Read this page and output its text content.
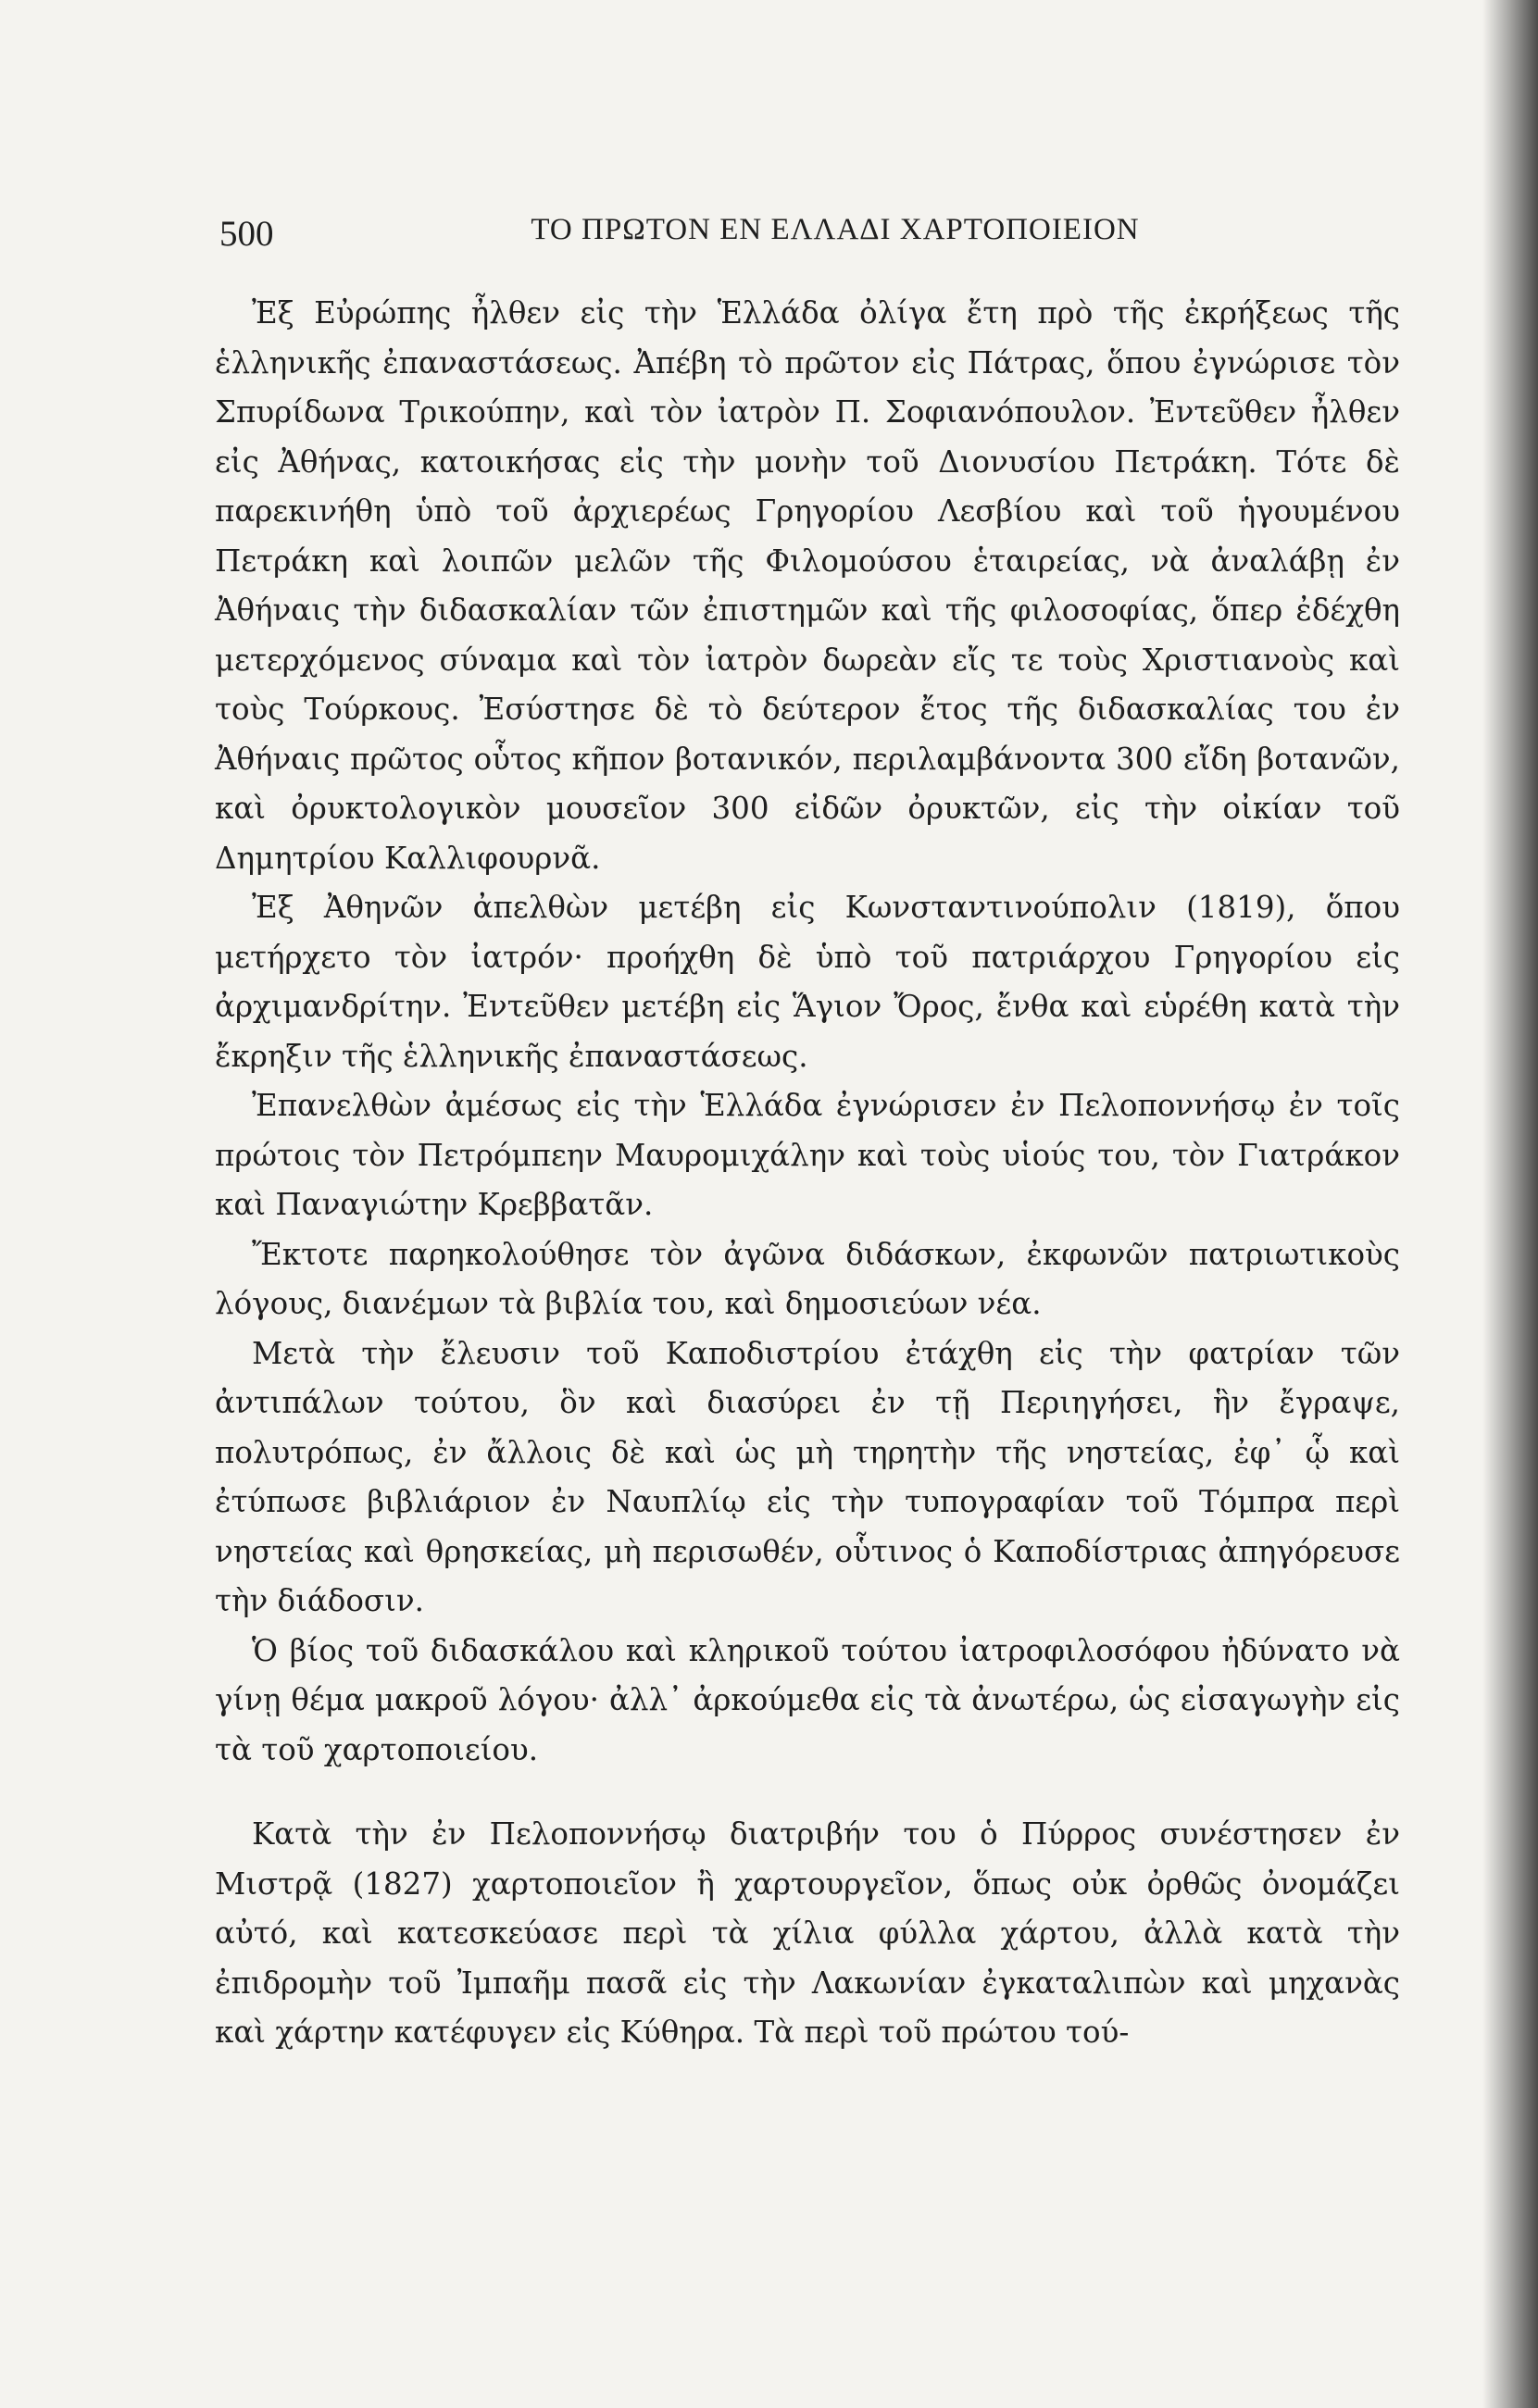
500	ΤΟ ΠΡΩΤΟΝ ΕΝ ΕΛΛΑΔΙ ΧΑΡΤΟΠΟΙΕΙΟΝ

Ἐξ Εὐρώπης ἦλθεν εἰς τὴν Ἑλλάδα ὀλίγα ἔτη πρὸ τῆς ἐκρήξεως τῆς ἑλληνικῆς ἐπαναστάσεως. Ἀπέβη τὸ πρῶτον εἰς Πάτρας, ὅπου ἐγνώρισε τὸν Σπυρίδωνα Τρικούπην, καὶ τὸν ἰατρὸν Π. Σοφιανόπουλον. Ἐντεῦθεν ἦλθεν εἰς Ἀθήνας, κατοικήσας εἰς τὴν μονὴν τοῦ Διονυσίου Πετράκη. Τότε δὲ παρεκινήθη ὑπὸ τοῦ ἀρχιερέως Γρηγορίου Λεσβίου καὶ τοῦ ἡγουμένου Πετράκη καὶ λοιπῶν μελῶν τῆς Φιλομούσου ἑταιρείας, νὰ ἀναλάβῃ ἐν Ἀθήναις τὴν διδασκαλίαν τῶν ἐπιστημῶν καὶ τῆς φιλοσοφίας, ὅπερ ἐδέχθη μετερχόμενος σύναμα καὶ τὸν ἰατρὸν δωρεὰν εἴς τε τοὺς Χριστιανοὺς καὶ τοὺς Τούρκους. Ἐσύστησε δὲ τὸ δεύτερον ἔτος τῆς διδασκαλίας του ἐν Ἀθήναις πρῶτος οὗτος κῆπον βοτανικόν, περιλαμβάνοντα 300 εἴδη βοτανῶν, καὶ ὀρυκτολογικὸν μουσεῖον 300 εἰδῶν ὀρυκτῶν, εἰς τὴν οἰκίαν τοῦ Δημητρίου Καλλιφουρνᾶ.

Ἐξ Ἀθηνῶν ἀπελθὼν μετέβη εἰς Κωνσταντινούπολιν (1819), ὅπου μετήρχετο τὸν ἰατρόν· προήχθη δὲ ὑπὸ τοῦ πατριάρχου Γρηγορίου εἰς ἀρχιμανδρίτην. Ἐντεῦθεν μετέβη εἰς Ἅγιον Ὄρος, ἔνθα καὶ εὑρέθη κατὰ τὴν ἔκρηξιν τῆς ἑλληνικῆς ἐπαναστάσεως.

Ἐπανελθὼν ἀμέσως εἰς τὴν Ἑλλάδα ἐγνώρισεν ἐν Πελοποννήσῳ ἐν τοῖς πρώτοις τὸν Πετρόμπεην Μαυρομιχάλην καὶ τοὺς υἱούς του, τὸν Γιατράκον καὶ Παναγιώτην Κρεββατᾶν.

Ἔκτοτε παρηκολούθησε τὸν ἀγῶνα διδάσκων, ἐκφωνῶν πατριωτικοὺς λόγους, διανέμων τὰ βιβλία του, καὶ δημοσιεύων νέα.

Μετὰ τὴν ἔλευσιν τοῦ Καποδιστρίου ἐτάχθη εἰς τὴν φατρίαν τῶν ἀντιπάλων τούτου, ὃν καὶ διασύρει ἐν τῇ Περιηγήσει, ἣν ἔγραψε, πολυτρόπως, ἐν ἄλλοις δὲ καὶ ὡς μὴ τηρητὴν τῆς νηστείας, ἐφ᾿ ᾧ καὶ ἐτύπωσε βιβλιάριον ἐν Ναυπλίῳ εἰς τὴν τυπογραφίαν τοῦ Τόμπρα περὶ νηστείας καὶ θρησκείας, μὴ περισωθέν, οὗτινος ὁ Καποδίστριας ἀπηγόρευσε τὴν διάδοσιν.

Ὁ βίος τοῦ διδασκάλου καὶ κληρικοῦ τούτου ἰατροφιλοσόφου ἠδύνατο νὰ γίνῃ θέμα μακροῦ λόγου· ἀλλ᾿ ἀρκούμεθα εἰς τὰ ἀνωτέρω, ὡς εἰσαγωγὴν εἰς τὰ τοῦ χαρτοποιείου.

Κατὰ τὴν ἐν Πελοποννήσῳ διατριβήν του ὁ Πύρρος συνέστησεν ἐν Μιστρᾷ (1827) χαρτοποιεῖον ἢ χαρτουργεῖον, ὅπως οὐκ ὀρθῶς ὀνομάζει αὐτό, καὶ κατεσκεύασε περὶ τὰ χίλια φύλλα χάρτου, ἀλλὰ κατὰ τὴν ἐπιδρομὴν τοῦ Ἰμπαῆμ πασᾶ εἰς τὴν Λακωνίαν ἐγκαταλιπὼν καὶ μηχανὰς καὶ χάρτην κατέφυγεν εἰς Κύθηρα. Τὰ περὶ τοῦ πρώτου τού-
